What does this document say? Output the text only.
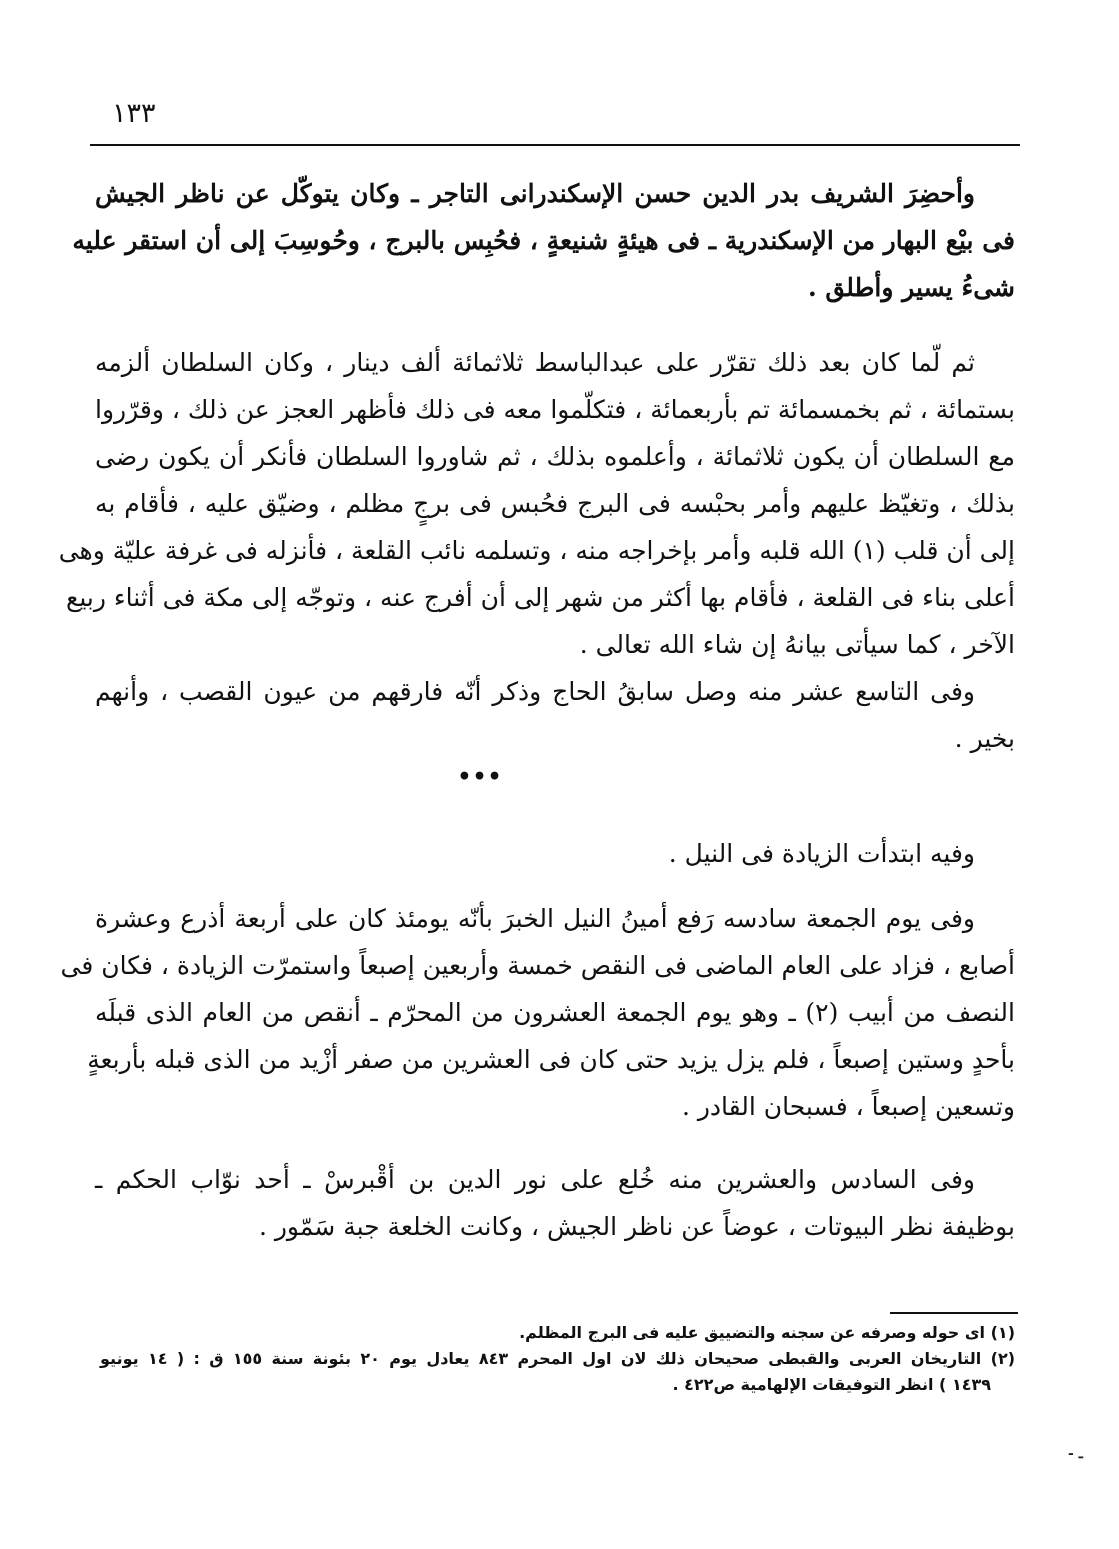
١٣٣
وأحضِرَ الشريف بدر الدين حسن الإسكندرانى التاجر ـ وكان يتوكّل عن ناظر الجيش
فى بيْع البهار من الإسكندرية ـ فى هيئةٍ شنيعةٍ ، فحُبِس بالبرج ، وحُوسِبَ إلى أن استقر عليه
شىءُ يسير وأطلق .
ثم لّما كان بعد ذلك تقرّر على عبدالباسط ثلاثمائة ألف دينار ، وكان السلطان ألزمه
بستمائة ، ثم بخمسمائة تم بأربعمائة ، فتكلّموا معه فى ذلك فأظهر العجز عن ذلك ، وقرّروا
مع السلطان أن يكون ثلاثمائة ، وأعلموه بذلك ، ثم شاوروا السلطان فأنكر أن يكون رضى
بذلك ، وتغيّظ عليهم وأمر بحبْسه فى البرج فحُبس فى برجٍ مظلم ، وضيّق عليه ، فأقام به
إلى أن قلب (١) الله قلبه وأمر بإخراجه منه ، وتسلمه نائب القلعة ، فأنزله فى غرفة عليّة وهى
أعلى بناء فى القلعة ، فأقام بها أكثر من شهر إلى أن أفرج عنه ، وتوجّه إلى مكة فى أثناء ربيع
الآخر ، كما سيأتى بيانهُ إن شاء الله تعالى .
وفى التاسع عشر منه وصل سابقُ الحاج وذكر أنّه فارقهم من عيون القصب ، وأنهم
بخير .
•••
وفيه ابتدأت الزيادة فى النيل .
وفى يوم الجمعة سادسه رَفع أمينُ النيل الخبرَ بأنّه يومئذ كان على أربعة أذرع وعشرة
أصابع ، فزاد على العام الماضى فى النقص خمسة وأربعين إصبعاً واستمرّت الزيادة ، فكان فى
النصف من أبيب (٢) ـ وهو يوم الجمعة العشرون من المحرّم ـ أنقص من العام الذى قبلَه
بأحدٍ وستين إصبعاً ، فلم يزل يزيد حتى كان فى العشرين من صفر أزْيد من الذى قبله بأربعةٍ
وتسعين إصبعاً ، فسبحان القادر .
وفى السادس والعشرين منه خُلع على نور الدين بن أقْبرسْ ـ أحد نوّاب الحكم ـ
بوظيفة نظر البيوتات ، عوضاً عن ناظر الجيش ، وكانت الخلعة جبة سَمّور .
(١) اى حوله وصرفه عن سجنه والتضييق عليه فى البرج المظلم.
(٢) التاريخان العربى والقبطى صحيحان ذلك لان اول المحرم ٨٤٣ يعادل يوم ٢٠ بئونة سنة ١٥٥ ق : ( ١٤ يونيو
١٤٣٩ ) انظر التوفيقات الإلهامية ص٤٢٢ .
- ـ
